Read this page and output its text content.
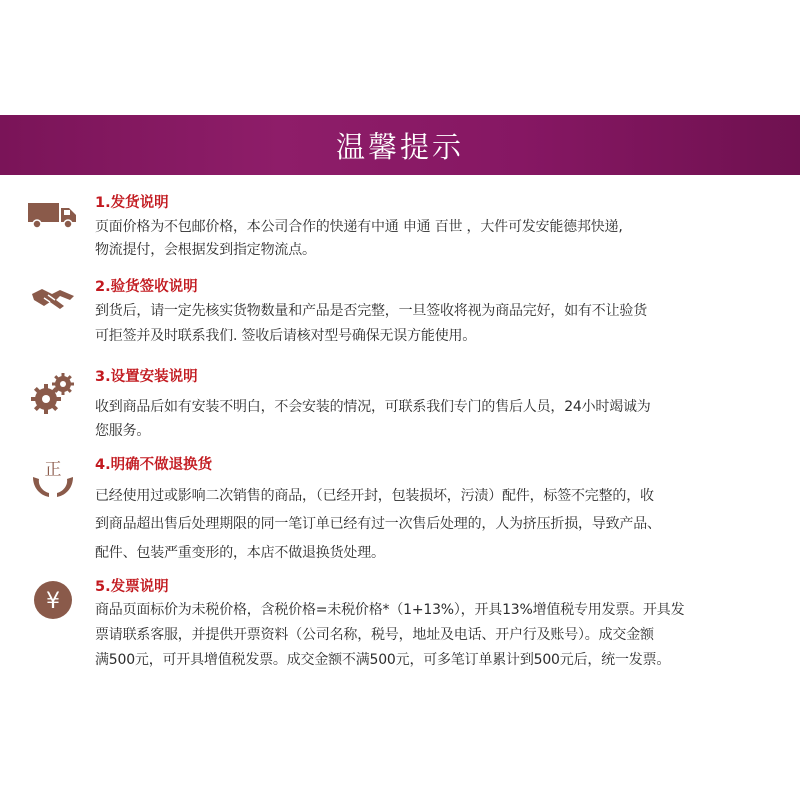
温馨提示
1.发货说明
页面价格为不包邮价格，本公司合作的快递有中通 申通 百世 ，大件可发安能德邦快递,
物流提付，会根据发到指定物流点。
2.验货签收说明
到货后，请一定先核实货物数量和产品是否完整，一旦签收将视为商品完好，如有不让验货
可拒签并及时联系我们. 签收后请核对型号确保无误方能使用。
3.设置安装说明
收到商品后如有安装不明白，不会安装的情况，可联系我们专门的售后人员，24小时竭诚为
您服务。
正 4.明确不做退换货
已经使用过或影响二次销售的商品，（已经开封，包装损坏，污渍）配件，标签不完整的，收
到商品超出售后处理期限的同一笔订单已经有过一次售后处理的，人为挤压折损，导致产品、
配件、包装严重变形的，本店不做退换货处理。
¥
5.发票说明
商品页面标价为未税价格，含税价格=未税价格*（1+13%），开具13%增值税专用发票。开具发
票请联系客服，并提供开票资料（公司名称，税号，地址及电话、开户行及账号）。成交金额
满500元，可开具增值税发票。成交金额不满500元，可多笔订单累计到500元后，统一发票。
